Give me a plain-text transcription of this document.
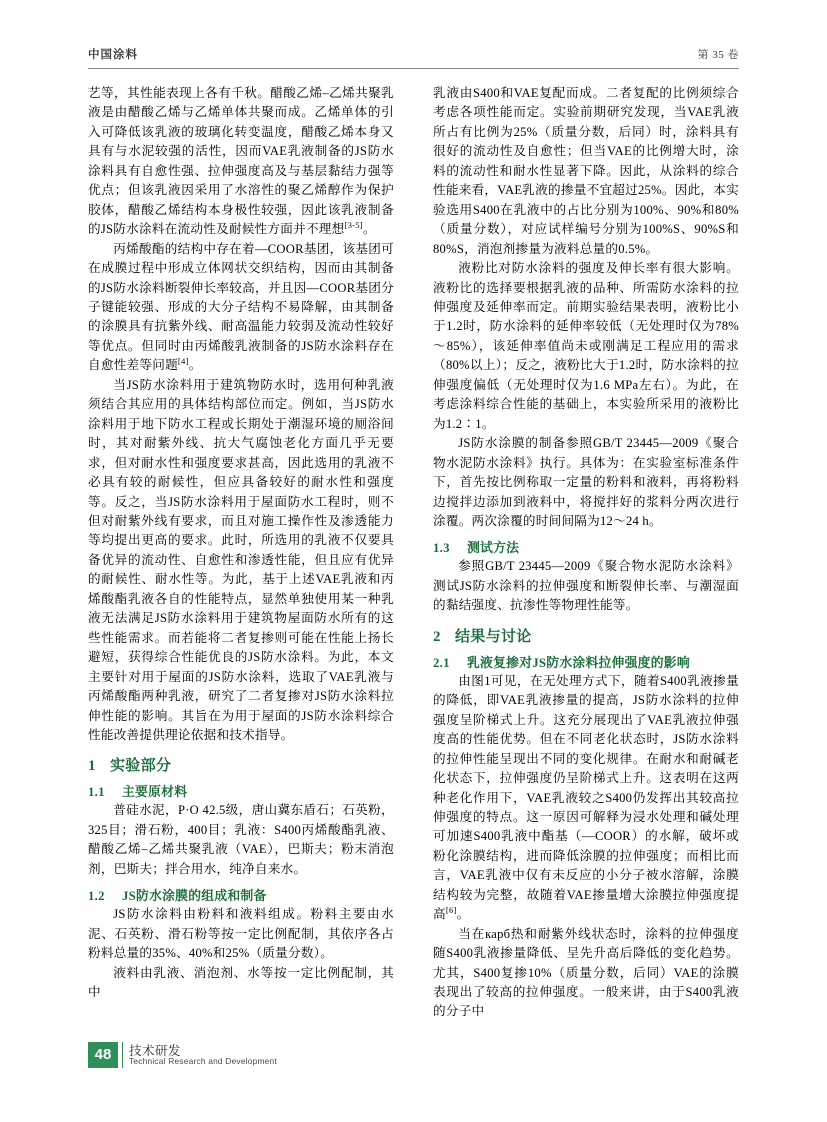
中国涂料	第 35 卷

艺等，其性能表现上各有千秋。醋酸乙烯–乙烯共聚乳液是由醋酸乙烯与乙烯单体共聚而成。乙烯单体的引入可降低该乳液的玻璃化转变温度，醋酸乙烯本身又具有与水泥较强的活性，因而VAE乳液制备的JS防水涂料具有自愈性强、拉伸强度高及与基层黏结力强等优点；但该乳液因采用了水溶性的聚乙烯醇作为保护胶体，醋酸乙烯结构本身极性较强，因此该乳液制备的JS防水涂料在流动性及耐候性方面并不理想[3-5]。

丙烯酸酯的结构中存在着—COOR基团，该基团可在成膜过程中形成立体网状交织结构，因而由其制备的JS防水涂料断裂伸长率较高，并且因—COOR基团分子键能较强、形成的大分子结构不易降解，由其制备的涂膜具有抗紫外线、耐高温能力较弱及流动性较好等优点。但同时由丙烯酸乳液制备的JS防水涂料存在自愈性差等问题[4]。

当JS防水涂料用于建筑物防水时，选用何种乳液须结合其应用的具体结构部位而定。例如，当JS防水涂料用于地下防水工程或长期处于潮湿环境的厕浴间时，其对耐紫外线、抗大气腐蚀老化方面几乎无要求，但对耐水性和强度要求甚高，因此选用的乳液不必具有较的耐候性，但应具备较好的耐水性和强度等。反之，当JS防水涂料用于屋面防水工程时，则不但对耐紫外线有要求，而且对施工操作性及渗透能力等均提出更高的要求。此时，所选用的乳液不仅要具备优异的流动性、自愈性和渗透性能，但且应有优异的耐候性、耐水性等。为此，基于上述VAE乳液和丙烯酸酯乳液各自的性能特点，显然单独使用某一种乳液无法满足JS防水涂料用于建筑物屋面防水所有的这些性能需求。而若能将二者复掺则可能在性能上扬长避短，获得综合性能优良的JS防水涂料。为此，本文主要针对用于屋面的JS防水涂料，选取了VAE乳液与丙烯酸酯两种乳液，研究了二者复掺对JS防水涂料拉伸性能的影响。其旨在为用于屋面的JS防水涂料综合性能改善提供理论依据和技术指导。

1 实验部分
1.1 主要原材料

普硅水泥，P·O 42.5级，唐山冀东盾石；石英粉，325目；滑石粉，400目；乳液：S400丙烯酸酯乳液、醋酸乙烯–乙烯共聚乳液（VAE），巴斯夫；粉末消泡剂，巴斯夫；拌合用水，纯净自来水。

1.2 JS防水涂膜的组成和制备

JS防水涂料由粉料和液料组成。粉料主要由水泥、石英粉、滑石粉等按一定比例配制，其依序各占粉料总量的35%、40%和25%（质量分数）。

液料由乳液、消泡剂、水等按一定比例配制，其中

乳液由S400和VAE复配而成。二者复配的比例须综合考虑各项性能而定。实验前期研究发现，当VAE乳液所占有比例为25%（质量分数，后同）时，涂料具有很好的流动性及自愈性；但当VAE的比例增大时，涂料的流动性和耐水性显著下降。因此，从涂料的综合性能来看，VAE乳液的掺量不宜超过25%。因此，本实验选用S400在乳液中的占比分别为100%、90%和80%（质量分数），对应试样编号分别为100%S、90%S和80%S，消泡剂掺量为液料总量的0.5%。

液粉比对防水涂料的强度及伸长率有很大影响。液粉比的选择要根据乳液的品种、所需防水涂料的拉伸强度及延伸率而定。前期实验结果表明，液粉比小于1.2时，防水涂料的延伸率较低（无处理时仅为78%～85%），该延伸率值尚未或刚满足工程应用的需求（80%以上）；反之，液粉比大于1.2时，防水涂料的拉伸强度偏低（无处理时仅为1.6 MPa左右）。为此，在考虑涂料综合性能的基础上，本实验所采用的液粉比为1.2∶1。

JS防水涂膜的制备参照GB/T 23445—2009《聚合物水泥防水涂料》执行。具体为：在实验室标准条件下，首先按比例称取一定量的粉料和液料，再将粉料边搅拌边添加到液料中，将搅拌好的浆料分两次进行涂覆。两次涂覆的时间间隔为12～24 h。

1.3 测试方法

参照GB/T 23445—2009《聚合物水泥防水涂料》测试JS防水涂料的拉伸强度和断裂伸长率、与潮湿面的黏结强度、抗渗性等物理性能等。

2 结果与讨论
2.1 乳液复掺对JS防水涂料拉伸强度的影响

由图1可见，在无处理方式下，随着S400乳液掺量的降低，即VAE乳液掺量的提高，JS防水涂料的拉伸强度呈阶梯式上升。这充分展现出了VAE乳液拉伸强度高的性能优势。但在不同老化状态时，JS防水涂料的拉伸性能呈现出不同的变化规律。在耐水和耐碱老化状态下，拉伸强度仍呈阶梯式上升。这表明在这两种老化作用下，VAE乳液较之S400仍发挥出其较高拉伸强度的特点。这一原因可解释为浸水处理和碱处理可加速S400乳液中酯基（—COOR）的水解，破坏或粉化涂膜结构，进而降低涂膜的拉伸强度；而相比而言，VAE乳液中仅有未反应的小分子被水溶解，涂膜结构较为完整，故随着VAE掺量增大涂膜拉伸强度提高[6]。

当在карб热和耐紫外线状态时，涂料的拉伸强度随S400乳液掺量降低、呈先升高后降低的变化趋势。尤其，S400复掺10%（质量分数，后同）VAE的涂膜表现出了较高的拉伸强度。一般来讲，由于S400乳液的分子中

48	技术研发
Technical Research and Development
